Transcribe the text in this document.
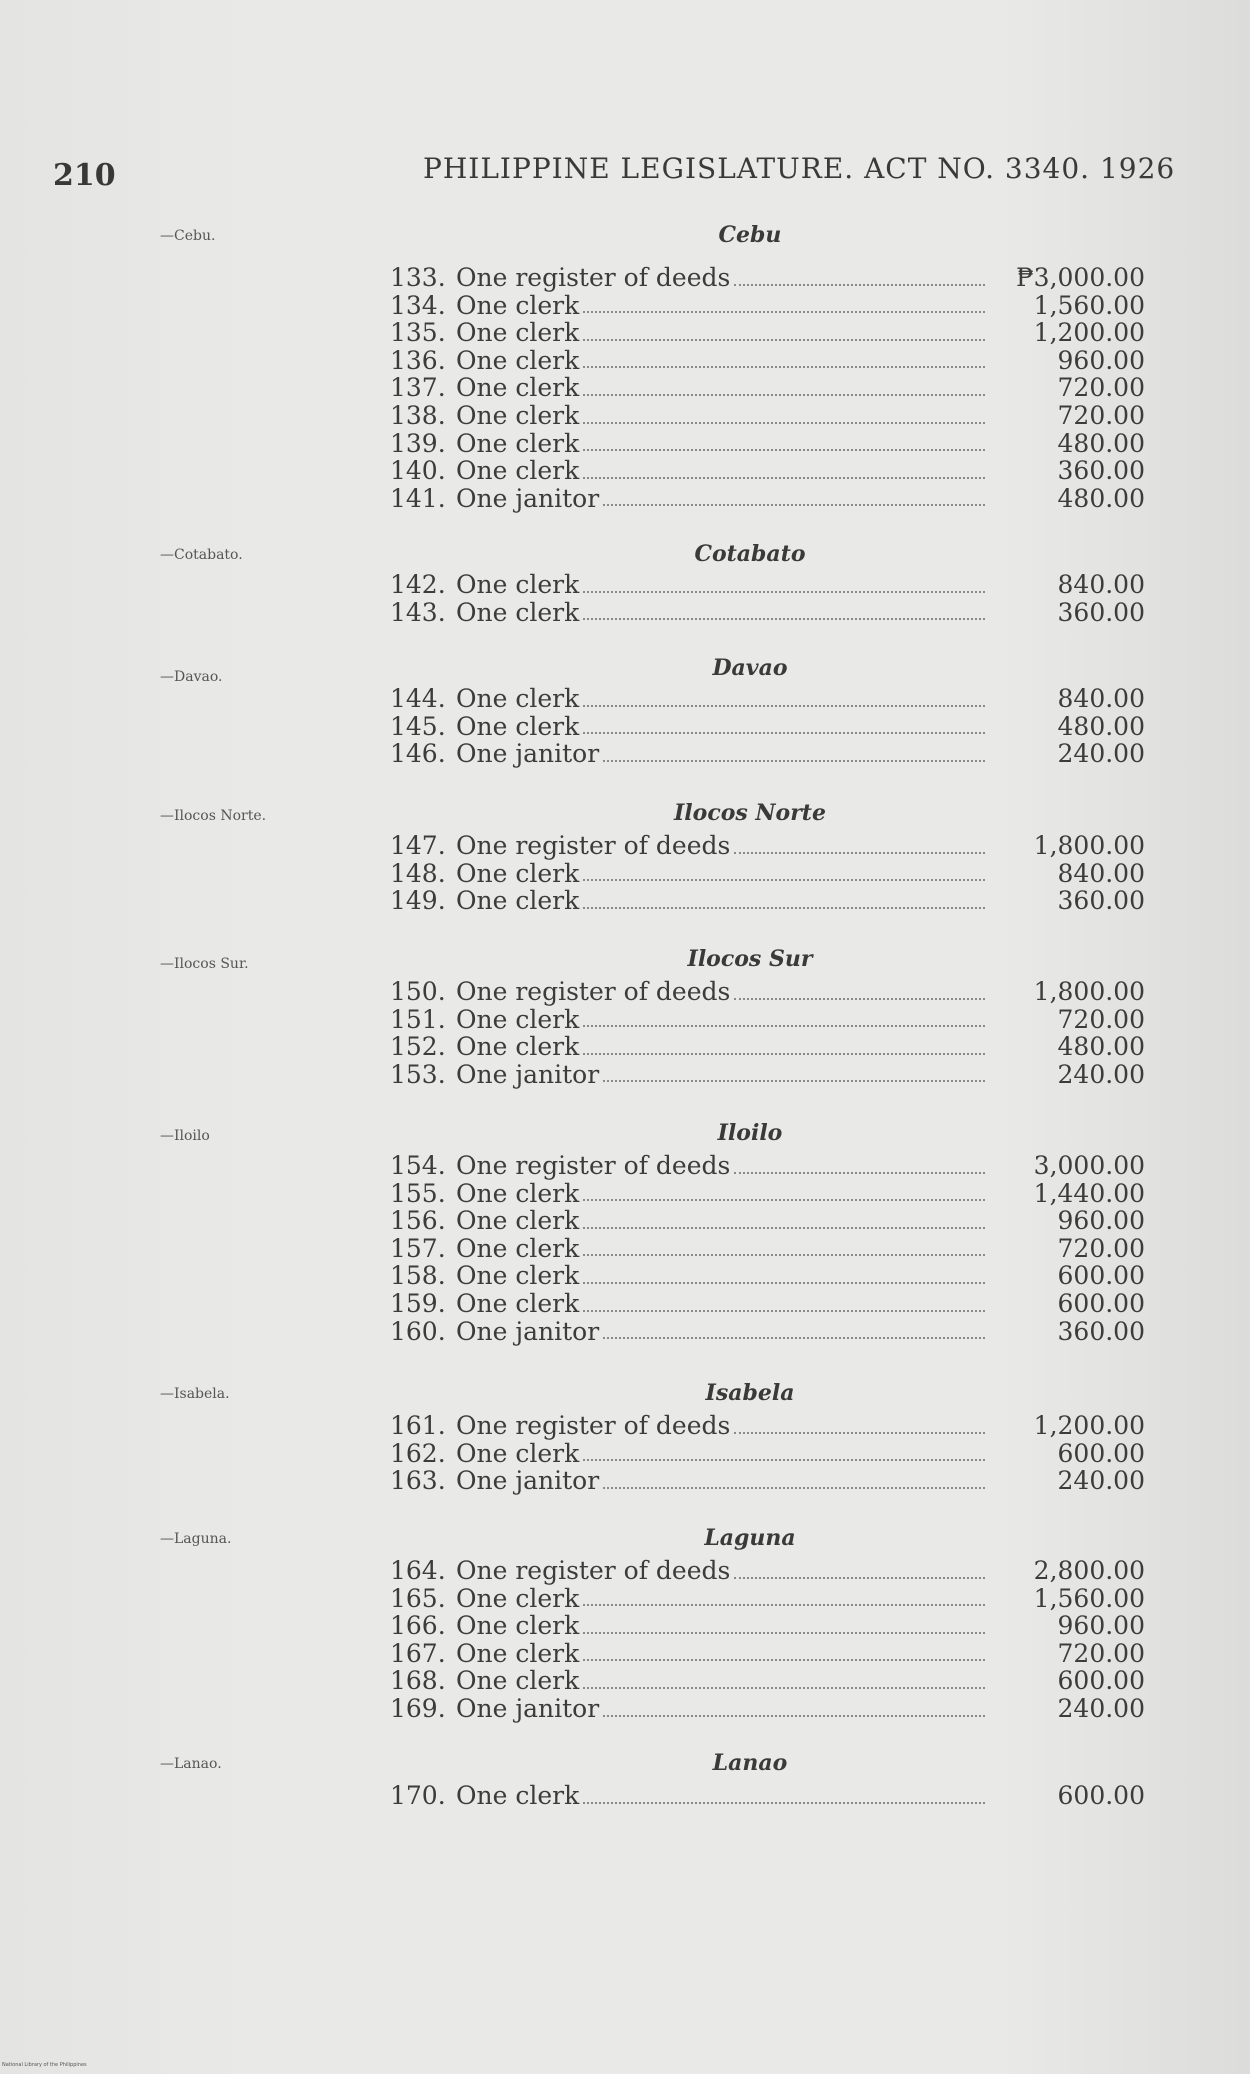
210	PHILIPPINE LEGISLATURE. ACT NO. 3340. 1926
—Cebu.	Cebu
133. One register of deeds	₱3,000.00
134. One clerk	1,560.00
135. One clerk	1,200.00
136. One clerk	960.00
137. One clerk	720.00
138. One clerk	720.00
139. One clerk	480.00
140. One clerk	360.00
141. One janitor	480.00
—Cotabato.	Cotabato
142. One clerk	840.00
143. One clerk	360.00
—Davao.	Davao
144. One clerk	840.00
145. One clerk	480.00
146. One janitor	240.00
—Ilocos Norte.	Ilocos Norte
147. One register of deeds	1,800.00
148. One clerk	840.00
149. One clerk	360.00
—Ilocos Sur.	Ilocos Sur
150. One register of deeds	1,800.00
151. One clerk	720.00
152. One clerk	480.00
153. One janitor	240.00
—Iloilo	Iloilo
154. One register of deeds	3,000.00
155. One clerk	1,440.00
156. One clerk	960.00
157. One clerk	720.00
158. One clerk	600.00
159. One clerk	600.00
160. One janitor	360.00
—Isabela.	Isabela
161. One register of deeds	1,200.00
162. One clerk	600.00
163. One janitor	240.00
—Laguna.	Laguna
164. One register of deeds	2,800.00
165. One clerk	1,560.00
166. One clerk	960.00
167. One clerk	720.00
168. One clerk	600.00
169. One janitor	240.00
—Lanao.	Lanao
170. One clerk	600.00
National Library of the Philippines
